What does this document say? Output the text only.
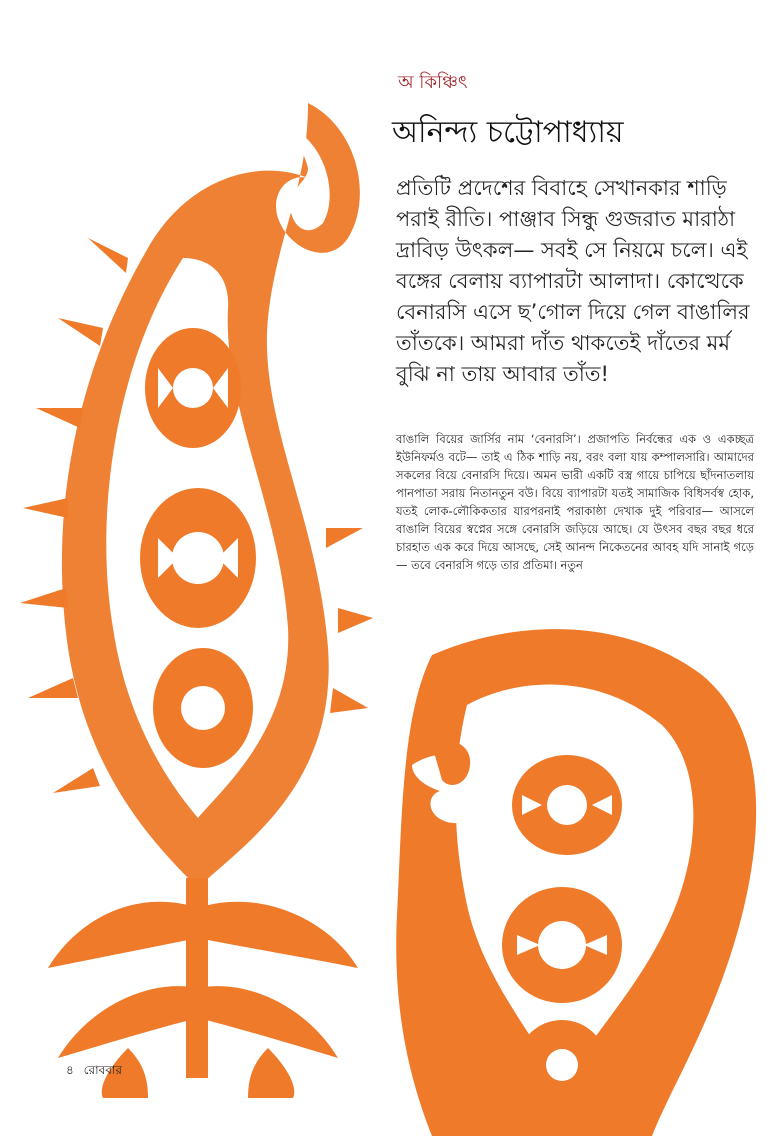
অ কিঞ্চিৎ
অনিন্দ্য চট্টোপাধ্যায়
প্রতিটি প্রদেশের বিবাহে সেখানকার শাড়ি পরাই রীতি। পাঞ্জাব সিন্ধু গুজরাত মারাঠা দ্রাবিড় উৎকল— সবই সে নিয়মে চলে। এই বঙ্গের বেলায় ব্যাপারটা আলাদা। কোত্থেকে বেনারসি এসে ছ’গোল দিয়ে গেল বাঙালির তাঁতকে। আমরা দাঁত থাকতেই দাঁতের মর্ম বুঝি না তায় আবার তাঁত!
বাঙালি বিয়ের জার্সির নাম ‘বেনারসি’। প্রজাপতি নির্বন্ধের এক ও একচ্ছত্র ইউনিফর্মও বটে— তাই এ ঠিক শাড়ি নয়, বরং বলা যায় কম্পালসারি। আমাদের সকলের বিয়ে বেনারসি দিয়ে। অমন ভারী একটি বস্ত্র গায়ে চাপিয়ে ছাঁদনাতলায় পানপাতা সরায় নিতানতুন বউ। বিয়ে ব্যাপারটা যতই সামাজিক বিধিসর্বস্ব হোক, যতই লোক-লৌকিকতার যারপরনাই পরাকাষ্ঠা দেখাক দুই পরিবার— আসলে বাঙালি বিয়ের স্বপ্নের সঙ্গে বেনারসি জড়িয়ে আছে। যে উৎসব বছর বছর ধরে চারহাত এক করে দিয়ে আসছে, সেই আনন্দ নিকেতনের আবহ যদি সানাই গড়ে— তবে বেনারসি গড়ে তার প্রতিমা। নতুন
৪ রোববার
